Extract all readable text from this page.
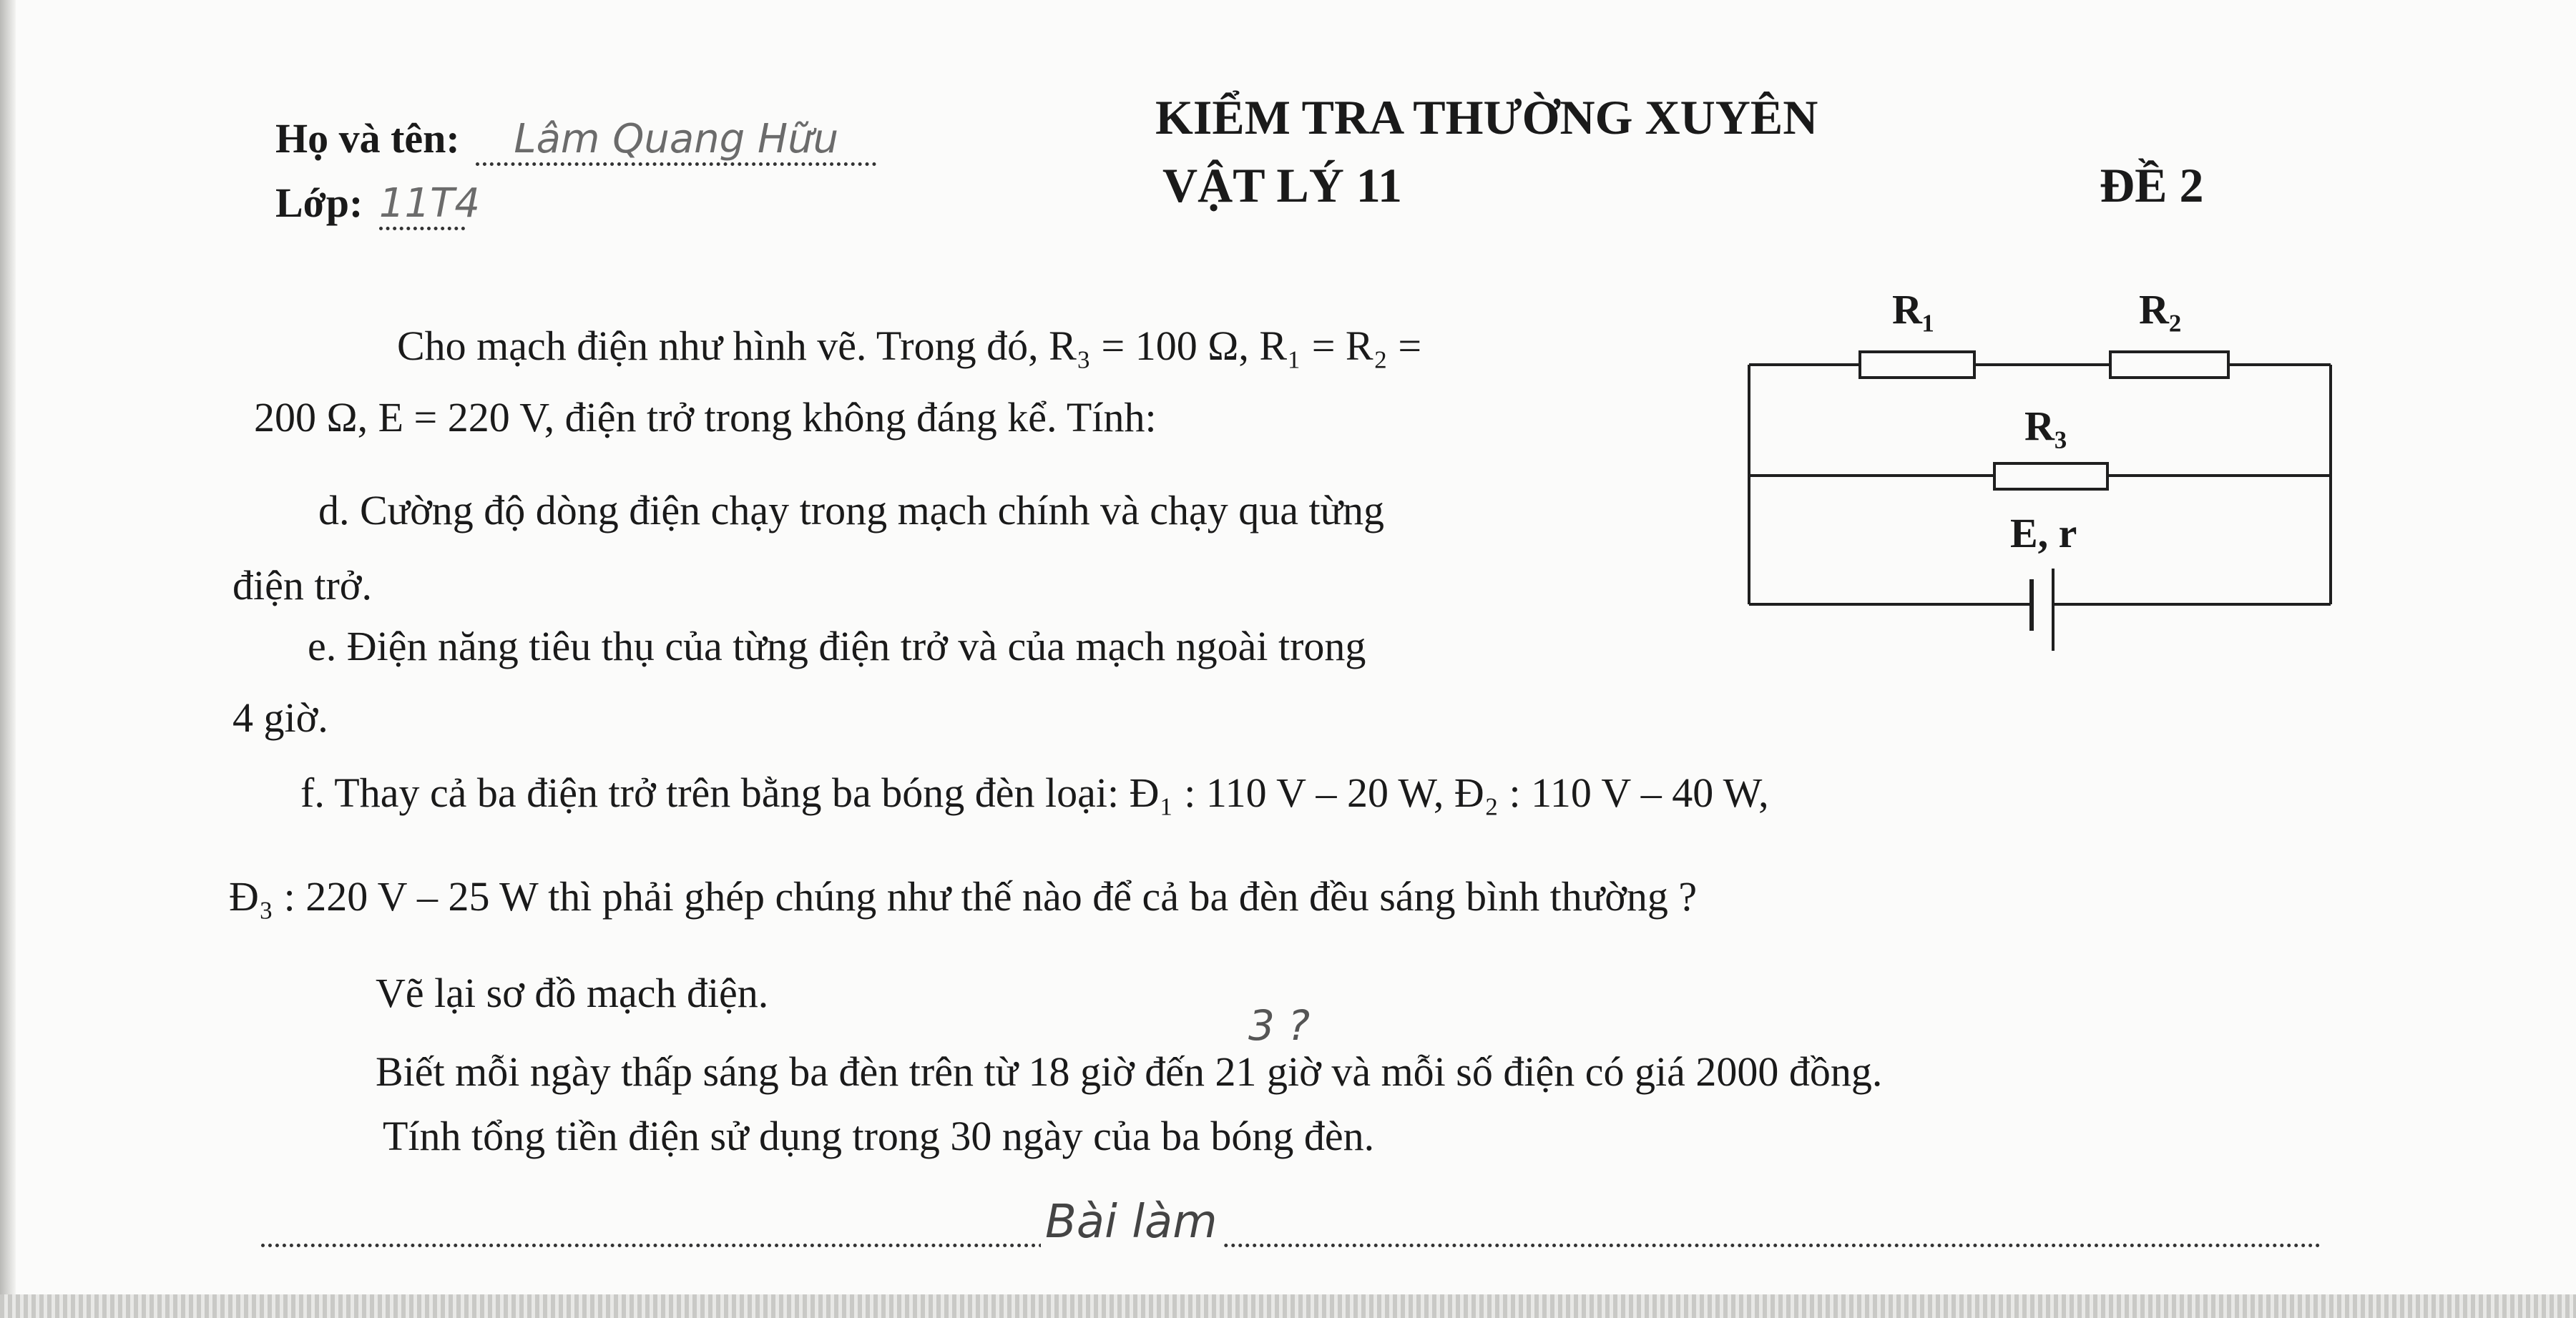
Họ và tên: Lâm Quang Hữu
Lớp: 11T4
KIỂM TRA THƯỜNG XUYÊN
VẬT LÝ 11	ĐỀ 2
Cho mạch điện như hình vẽ. Trong đó, R₃ = 100 Ω, R₁ = R₂ =
200 Ω, E = 220 V, điện trở trong không đáng kể. Tính:
d. Cường độ dòng điện chạy trong mạch chính và chạy qua từng
điện trở.
e. Điện năng tiêu thụ của từng điện trở và của mạch ngoài trong
4 giờ.
f. Thay cả ba điện trở trên bằng ba bóng đèn loại: Đ₁ : 110 V – 20 W, Đ₂ : 110 V – 40 W,
Đ₃ : 220 V – 25 W thì phải ghép chúng như thế nào để cả ba đèn đều sáng bình thường ?
Vẽ lại sơ đồ mạch điện.
Biết mỗi ngày thấp sáng ba đèn trên từ 18 giờ đến 21 giờ và mỗi số điện có giá 2000 đồng.
Tính tổng tiền điện sử dụng trong 30 ngày của ba bóng đèn.
3 ?
Bài làm
R₁	R₂
R₃
E, r
